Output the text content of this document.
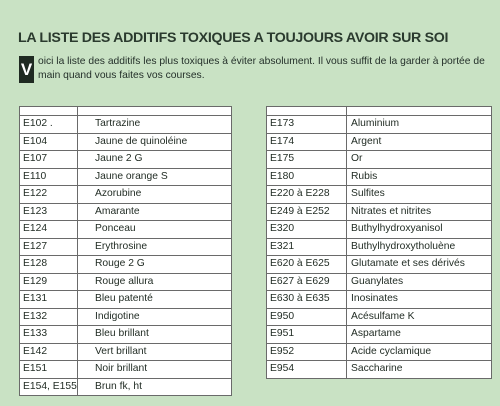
LA LISTE DES ADDITIFS TOXIQUES A TOUJOURS AVOIR SUR SOI
V oici la liste des additifs les plus toxiques à éviter absolument. Il vous suffit de la garder à portée de main quand vous faites vos courses.

E102 .	Tartrazine
E104	Jaune de quinoléine
E107	Jaune 2 G
E110	Jaune orange S
E122	Azorubine
E123	Amarante
E124	Ponceau
E127	Erythrosine
E128	Rouge 2 G
E129	Rouge allura
E131	Bleu patenté
E132	Indigotine
E133	Bleu brillant
E142	Vert brillant
E151	Noir brillant
E154, E155	Brun fk, ht

E173	Aluminium
E174	Argent
E175	Or
E180	Rubis
E220 à E228	Sulfites
E249 à E252	Nitrates et nitrites
E320	Buthylhydroxyanisol
E321	Buthylhydroxytholuène
E620 à E625	Glutamate et ses dérivés
E627 à E629	Guanylates
E630 à E635	Inosinates
E950	Acésulfame K
E951	Aspartame
E952	Acide cyclamique
E954	Saccharine
